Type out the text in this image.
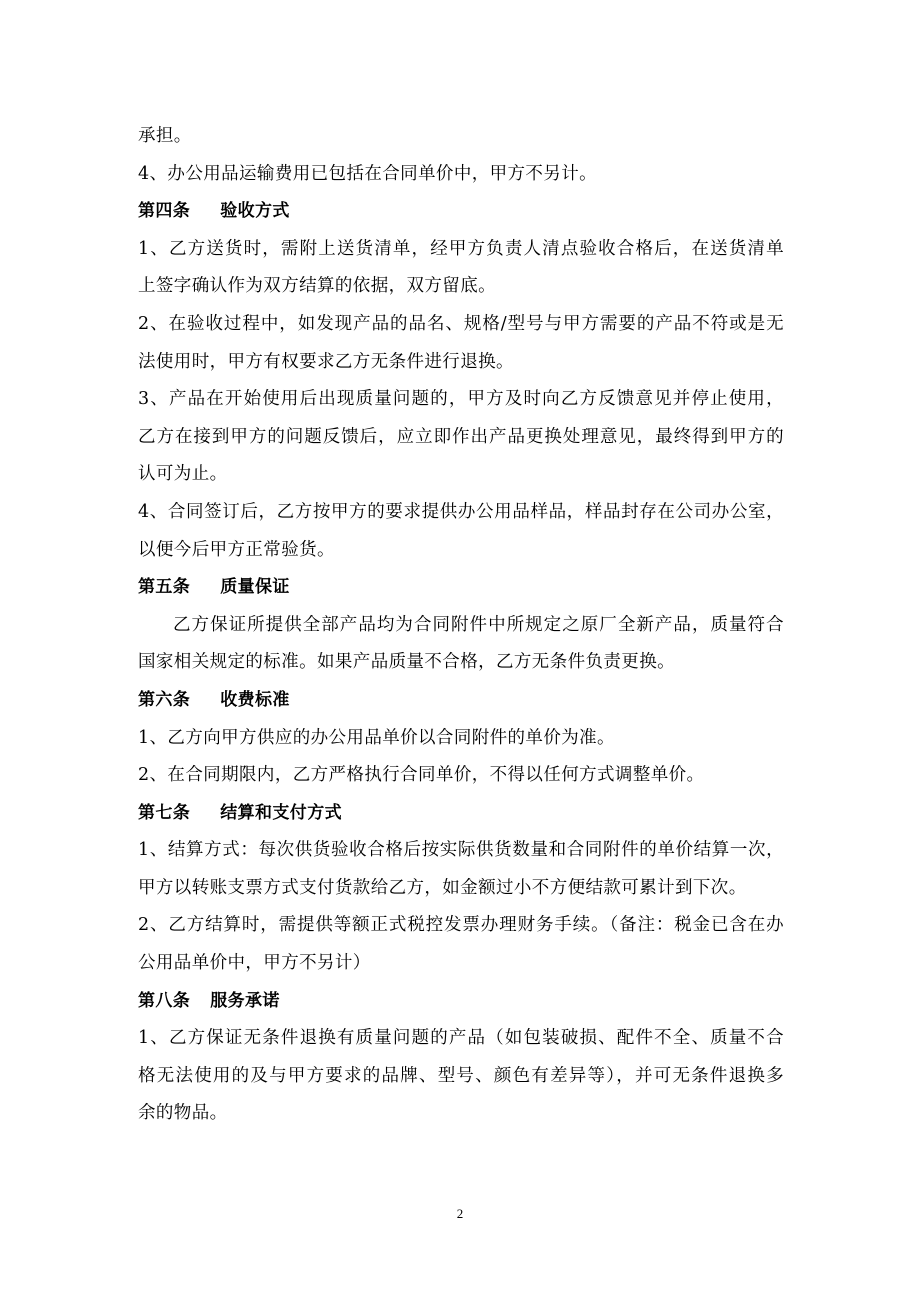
承担。
4、办公用品运输费用已包括在合同单价中，甲方不另计。
第四条 验收方式
1、乙方送货时，需附上送货清单，经甲方负责人清点验收合格后，在送货清单
上签字确认作为双方结算的依据，双方留底。
2、在验收过程中，如发现产品的品名、规格/型号与甲方需要的产品不符或是无
法使用时，甲方有权要求乙方无条件进行退换。
3、产品在开始使用后出现质量问题的，甲方及时向乙方反馈意见并停止使用，
乙方在接到甲方的问题反馈后，应立即作出产品更换处理意见，最终得到甲方的
认可为止。
4、合同签订后，乙方按甲方的要求提供办公用品样品，样品封存在公司办公室，
以便今后甲方正常验货。
第五条 质量保证
乙方保证所提供全部产品均为合同附件中所规定之原厂全新产品，质量符合
国家相关规定的标准。如果产品质量不合格，乙方无条件负责更换。
第六条 收费标准
1、乙方向甲方供应的办公用品单价以合同附件的单价为准。
2、在合同期限内，乙方严格执行合同单价，不得以任何方式调整单价。
第七条 结算和支付方式
1、结算方式：每次供货验收合格后按实际供货数量和合同附件的单价结算一次，
甲方以转账支票方式支付货款给乙方，如金额过小不方便结款可累计到下次。
2、乙方结算时，需提供等额正式税控发票办理财务手续。（备注：税金已含在办
公用品单价中，甲方不另计）
第八条 服务承诺
1、乙方保证无条件退换有质量问题的产品（如包装破损、配件不全、质量不合
格无法使用的及与甲方要求的品牌、型号、颜色有差异等），并可无条件退换多
余的物品。
2
